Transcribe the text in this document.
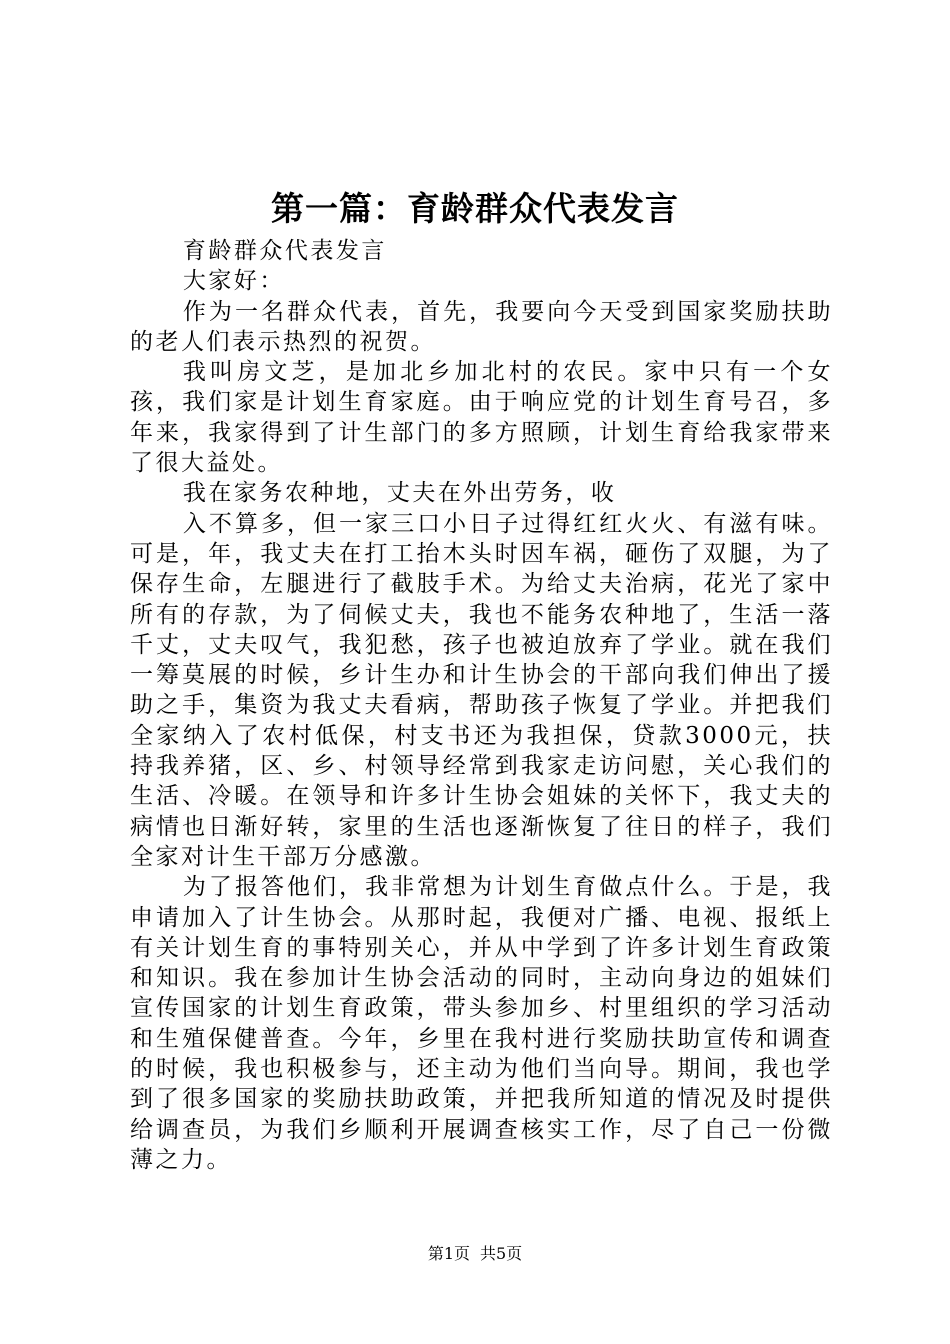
第一篇：育龄群众代表发言

育龄群众代表发言

大家好：

作为一名群众代表，首先，我要向今天受到国家奖励扶助的老人们表示热烈的祝贺。

我叫房文芝，是加北乡加北村的农民。家中只有一个女孩，我们家是计划生育家庭。由于响应党的计划生育号召，多年来，我家得到了计生部门的多方照顾，计划生育给我家带来了很大益处。

我在家务农种地，丈夫在外出劳务，收

入不算多，但一家三口小日子过得红红火火、有滋有味。可是，年，我丈夫在打工抬木头时因车祸，砸伤了双腿，为了保存生命，左腿进行了截肢手术。为给丈夫治病，花光了家中所有的存款，为了伺候丈夫，我也不能务农种地了，生活一落千丈，丈夫叹气，我犯愁，孩子也被迫放弃了学业。就在我们一筹莫展的时候，乡计生办和计生协会的干部向我们伸出了援助之手，集资为我丈夫看病，帮助孩子恢复了学业。并把我们全家纳入了农村低保，村支书还为我担保，贷款3000元，扶持我养猪，区、乡、村领导经常到我家走访问慰，关心我们的生活、冷暖。在领导和许多计生协会姐妹的关怀下，我丈夫的病情也日渐好转，家里的生活也逐渐恢复了往日的样子，我们全家对计生干部万分感激。

为了报答他们，我非常想为计划生育做点什么。于是，我申请加入了计生协会。从那时起，我便对广播、电视、报纸上有关计划生育的事特别关心，并从中学到了许多计划生育政策和知识。我在参加计生协会活动的同时，主动向身边的姐妹们宣传国家的计划生育政策，带头参加乡、村里组织的学习活动和生殖保健普查。今年，乡里在我村进行奖励扶助宣传和调查的时候，我也积极参与，还主动为他们当向导。期间，我也学到了很多国家的奖励扶助政策，并把我所知道的情况及时提供给调查员，为我们乡顺利开展调查核实工作，尽了自己一份微薄之力。

第1页 共5页
